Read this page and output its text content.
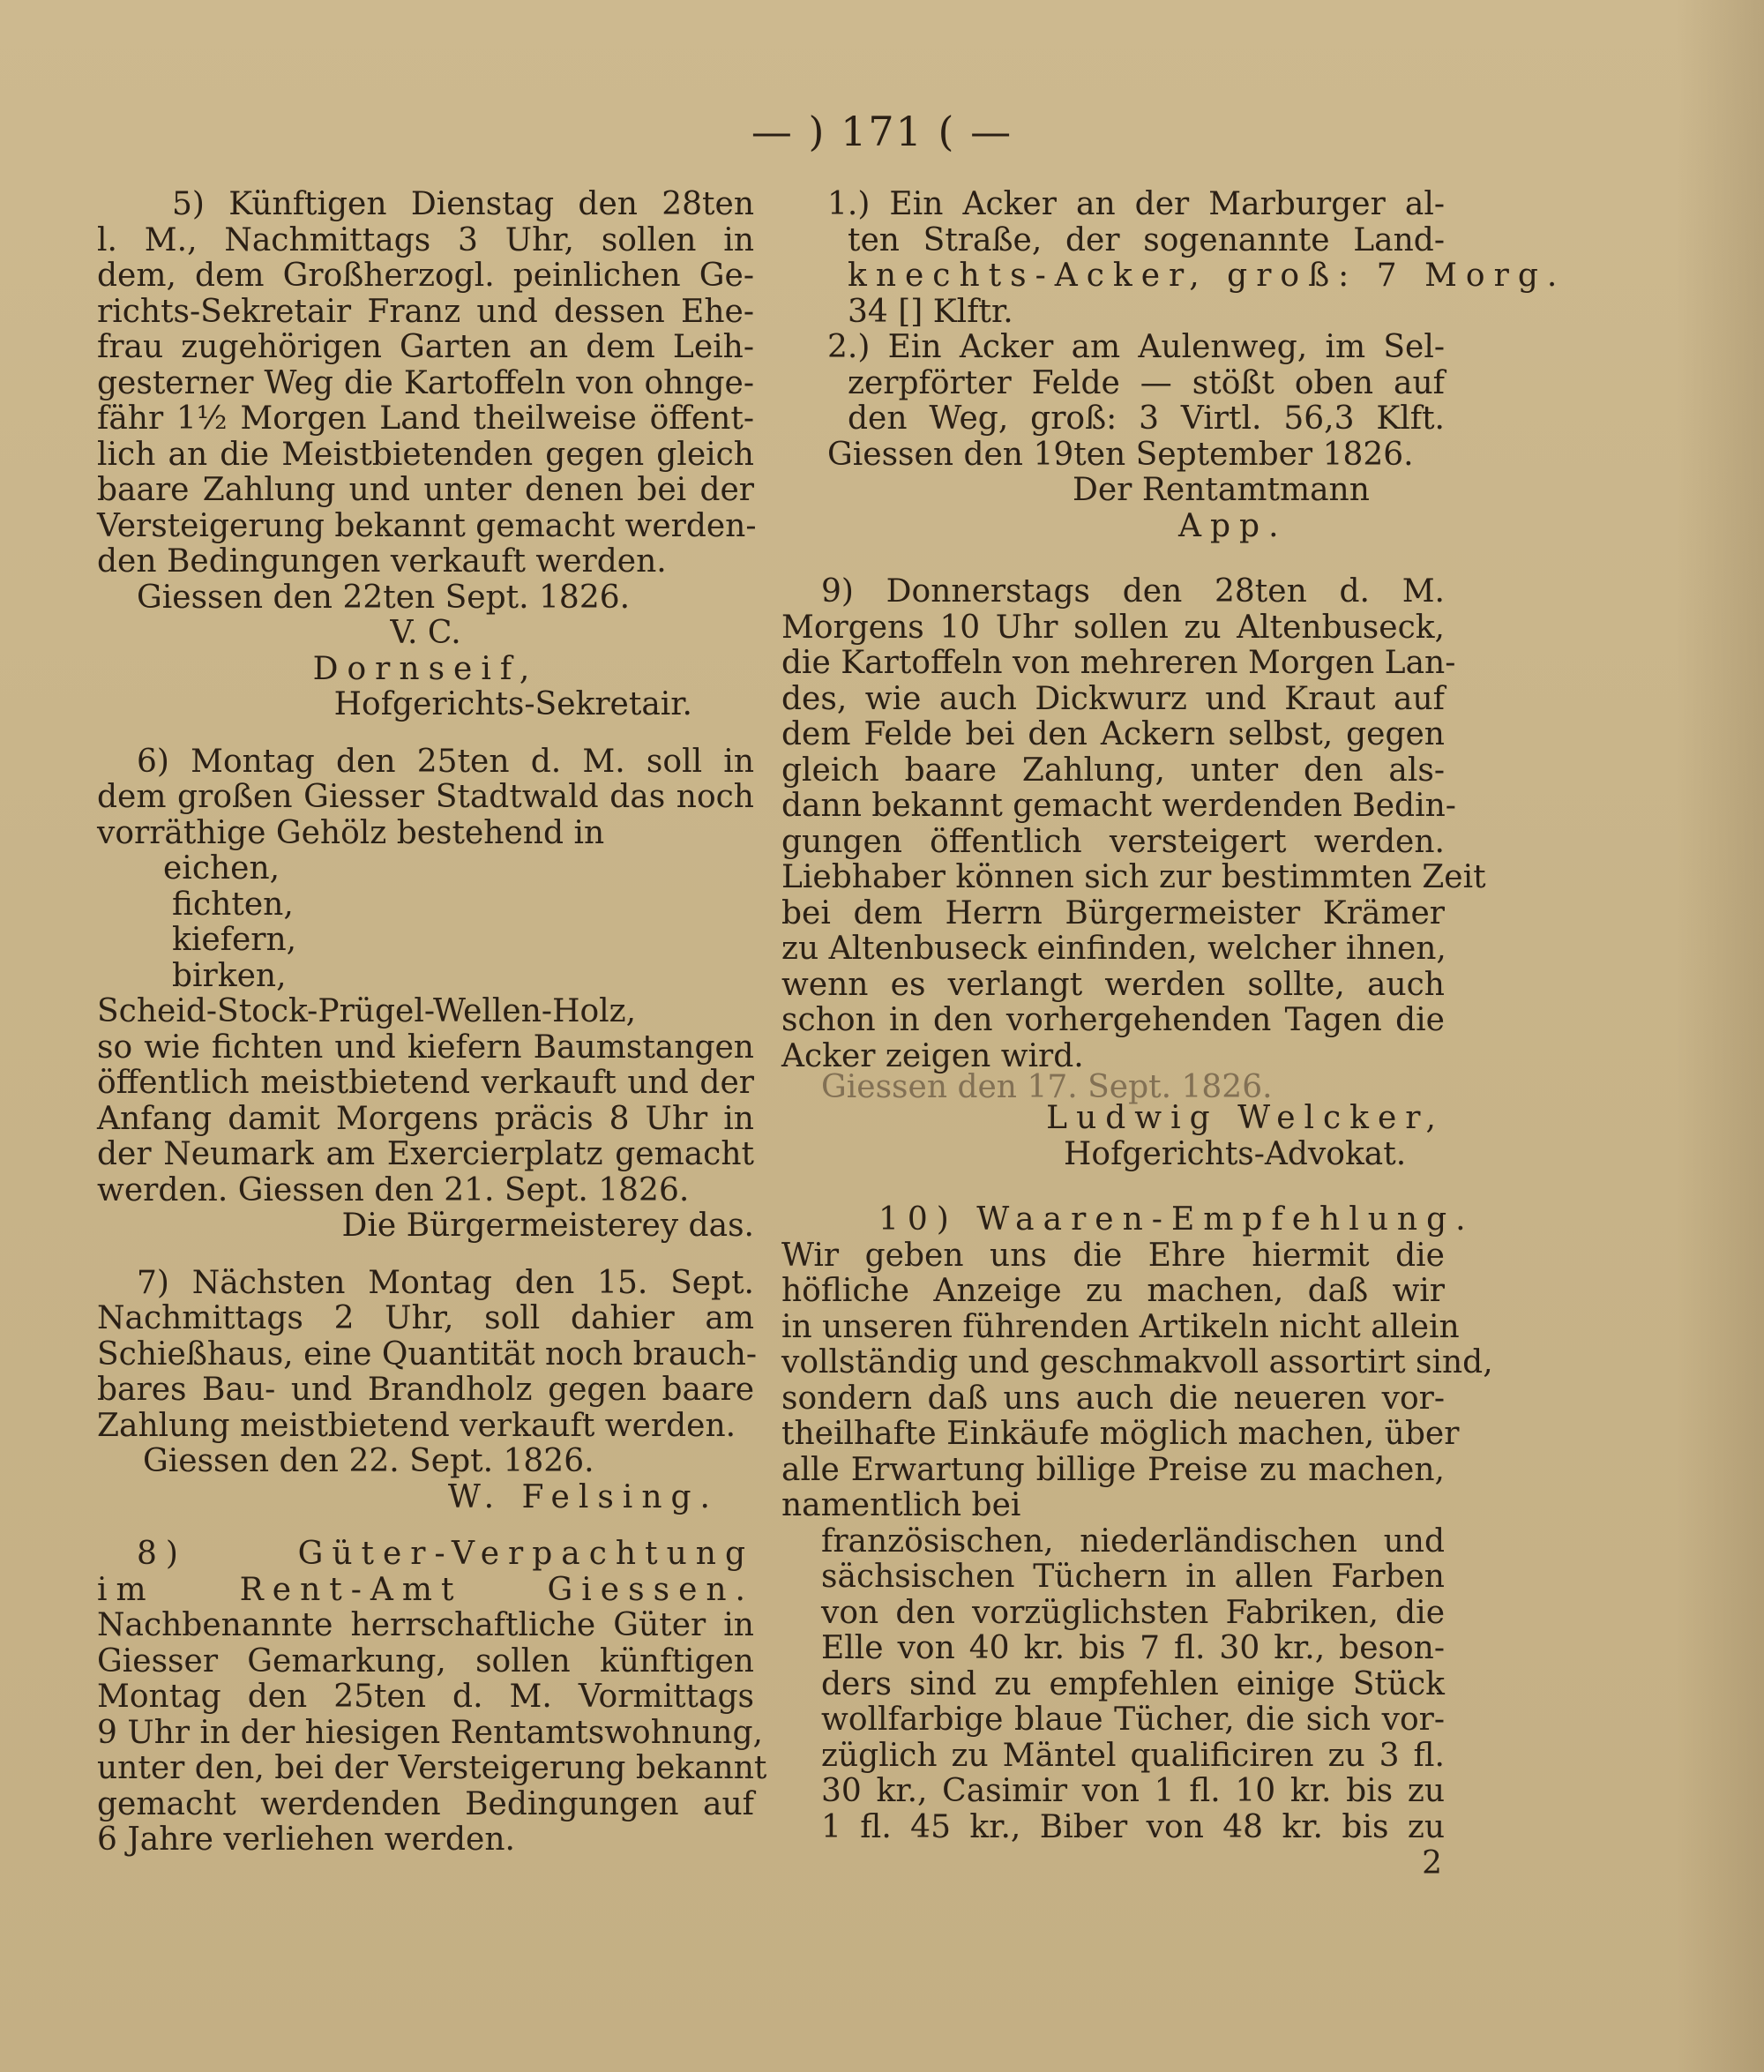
— ) 171 ( —
5) Künftigen Dienstag den 28ten
l. M., Nachmittags 3 Uhr, sollen in
dem, dem Großherzogl. peinlichen Ge-
richts-Sekretair Franz und dessen Ehe-
frau zugehörigen Garten an dem Leih-
gesterner Weg die Kartoffeln von ohnge-
fähr 1½ Morgen Land theilweise öffent-
lich an die Meistbietenden gegen gleich
baare Zahlung und unter denen bei der
Versteigerung bekannt gemacht werden-
den Bedingungen verkauft werden.
Giessen den 22ten Sept. 1826.
V. C.
Dornseif,
Hofgerichts-Sekretair.
6) Montag den 25ten d. M. soll in
dem großen Giesser Stadtwald das noch
vorräthige Gehölz bestehend in
eichen,
fichten,
kiefern,
birken,
Scheid-Stock-Prügel-Wellen-Holz,
so wie fichten und kiefern Baumstangen
öffentlich meistbietend verkauft und der
Anfang damit Morgens präcis 8 Uhr in
der Neumark am Exercierplatz gemacht
werden. Giessen den 21. Sept. 1826.
Die Bürgermeisterey das.
7) Nächsten Montag den 15. Sept.
Nachmittags 2 Uhr, soll dahier am
Schießhaus, eine Quantität noch brauch-
bares Bau- und Brandholz gegen baare
Zahlung meistbietend verkauft werden.
Giessen den 22. Sept. 1826.
W. Felsing.
8) Güter-Verpachtung
im Rent-Amt Giessen.
Nachbenannte herrschaftliche Güter in
Giesser Gemarkung, sollen künftigen
Montag den 25ten d. M. Vormittags
9 Uhr in der hiesigen Rentamtswohnung,
unter den, bei der Versteigerung bekannt
gemacht werdenden Bedingungen auf
6 Jahre verliehen werden.
1.) Ein Acker an der Marburger al-
ten Straße, der sogenannte Land-
knechts-Acker, groß: 7 Morg.
34 [] Klftr.
2.) Ein Acker am Aulenweg, im Sel-
zerpförter Felde — stößt oben auf
den Weg, groß: 3 Virtl. 56,3 Klft.
Giessen den 19ten September 1826.
Der Rentamtmann
App.
9) Donnerstags den 28ten d. M.
Morgens 10 Uhr sollen zu Altenbuseck,
die Kartoffeln von mehreren Morgen Lan-
des, wie auch Dickwurz und Kraut auf
dem Felde bei den Ackern selbst, gegen
gleich baare Zahlung, unter den als-
dann bekannt gemacht werdenden Bedin-
gungen öffentlich versteigert werden.
Liebhaber können sich zur bestimmten Zeit
bei dem Herrn Bürgermeister Krämer
zu Altenbuseck einfinden, welcher ihnen,
wenn es verlangt werden sollte, auch
schon in den vorhergehenden Tagen die
Acker zeigen wird.
Giessen den 17. Sept. 1826.
Ludwig Welcker,
Hofgerichts-Advokat.
10) Waaren-Empfehlung.
Wir geben uns die Ehre hiermit die
höfliche Anzeige zu machen, daß wir
in unseren führenden Artikeln nicht allein
vollständig und geschmakvoll assortirt sind,
sondern daß uns auch die neueren vor-
theilhafte Einkäufe möglich machen, über
alle Erwartung billige Preise zu machen,
namentlich bei
französischen, niederländischen und
sächsischen Tüchern in allen Farben
von den vorzüglichsten Fabriken, die
Elle von 40 kr. bis 7 fl. 30 kr., beson-
ders sind zu empfehlen einige Stück
wollfarbige blaue Tücher, die sich vor-
züglich zu Mäntel qualificiren zu 3 fl.
30 kr., Casimir von 1 fl. 10 kr. bis zu
1 fl. 45 kr., Biber von 48 kr. bis zu
2
